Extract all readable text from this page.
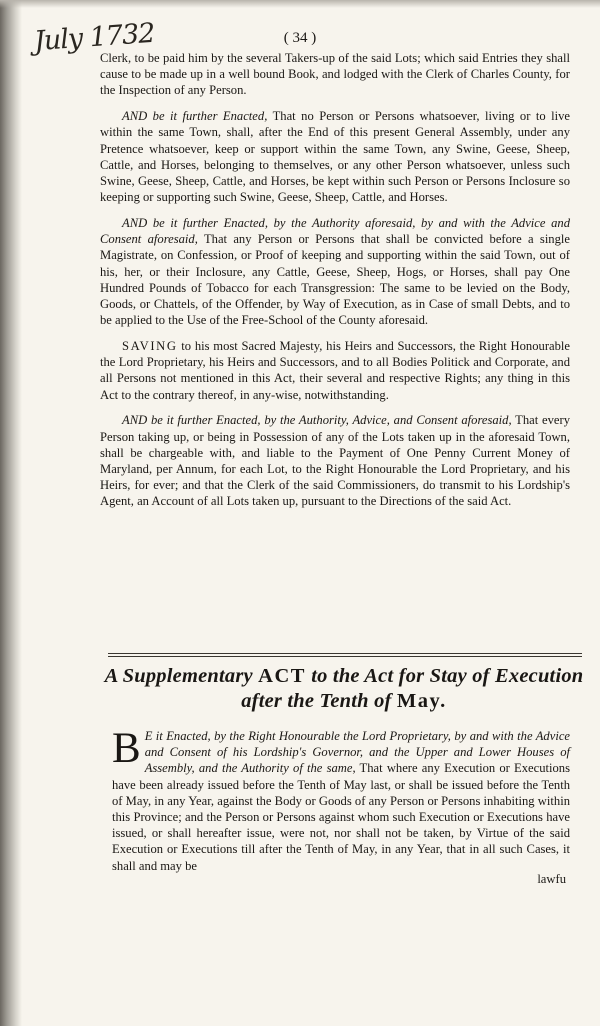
July 1732	( 34 )

Clerk, to be paid him by the several Takers-up of the said Lots; which said Entries they shall cause to be made up in a well bound Book, and lodged with the Clerk of Charles County, for the Inspection of any Person.

AND be it further Enacted, That no Person or Persons whatsoever, living or to live within the same Town, shall, after the End of this present General Assembly, under any Pretence whatsoever, keep or support within the same Town, any Swine, Geese, Sheep, Cattle, and Horses, belonging to themselves, or any other Person whatsoever, unless such Swine, Geese, Sheep, Cattle, and Horses, be kept within such Person or Persons Inclosure so keeping or supporting such Swine, Geese, Sheep, Cattle, and Horses.

AND be it further Enacted, by the Authority aforesaid, by and with the Advice and Consent aforesaid, That any Person or Persons that shall be convicted before a single Magistrate, on Confession, or Proof of keeping and supporting within the said Town, out of his, her, or their Inclosure, any Cattle, Geese, Sheep, Hogs, or Horses, shall pay One Hundred Pounds of Tobacco for each Transgression: The same to be levied on the Body, Goods, or Chattels, of the Offender, by Way of Execution, as in Case of small Debts, and to be applied to the Use of the Free-School of the County aforesaid.

SAVING to his most Sacred Majesty, his Heirs and Successors, the Right Honourable the Lord Proprietary, his Heirs and Successors, and to all Bodies Politick and Corporate, and all Persons not mentioned in this Act, their several and respective Rights; any thing in this Act to the contrary thereof, in any-wise, notwithstanding.

AND be it further Enacted, by the Authority, Advice, and Consent aforesaid, That every Person taking up, or being in Possession of any of the Lots taken up in the aforesaid Town, shall be chargeable with, and liable to the Payment of One Penny Current Money of Maryland, per Annum, for each Lot, to the Right Honourable the Lord Proprietary, and his Heirs, for ever; and that the Clerk of the said Commissioners, do transmit to his Lordship's Agent, an Account of all Lots taken up, pursuant to the Directions of the said Act.

A Supplementary ACT to the Act for Stay of Execution after the Tenth of May.
B E it Enacted, by the Right Honourable the Lord Proprietary, by and with the Advice and Consent of his Lordship's Governor, and the Upper and Lower Houses of Assembly, and the Authority of the same, That where any Execution or Executions have been already issued before the Tenth of May last, or shall be issued before the Tenth of May, in any Year, against the Body or Goods of any Person or Persons inhabiting within this Province; and the Person or Persons against whom such Execution or Executions have issued, or shall hereafter issue, were not, nor shall not be taken, by Virtue of the said Execution or Executions till after the Tenth of May, in any Year, that in all such Cases, it shall and may be
lawfu
